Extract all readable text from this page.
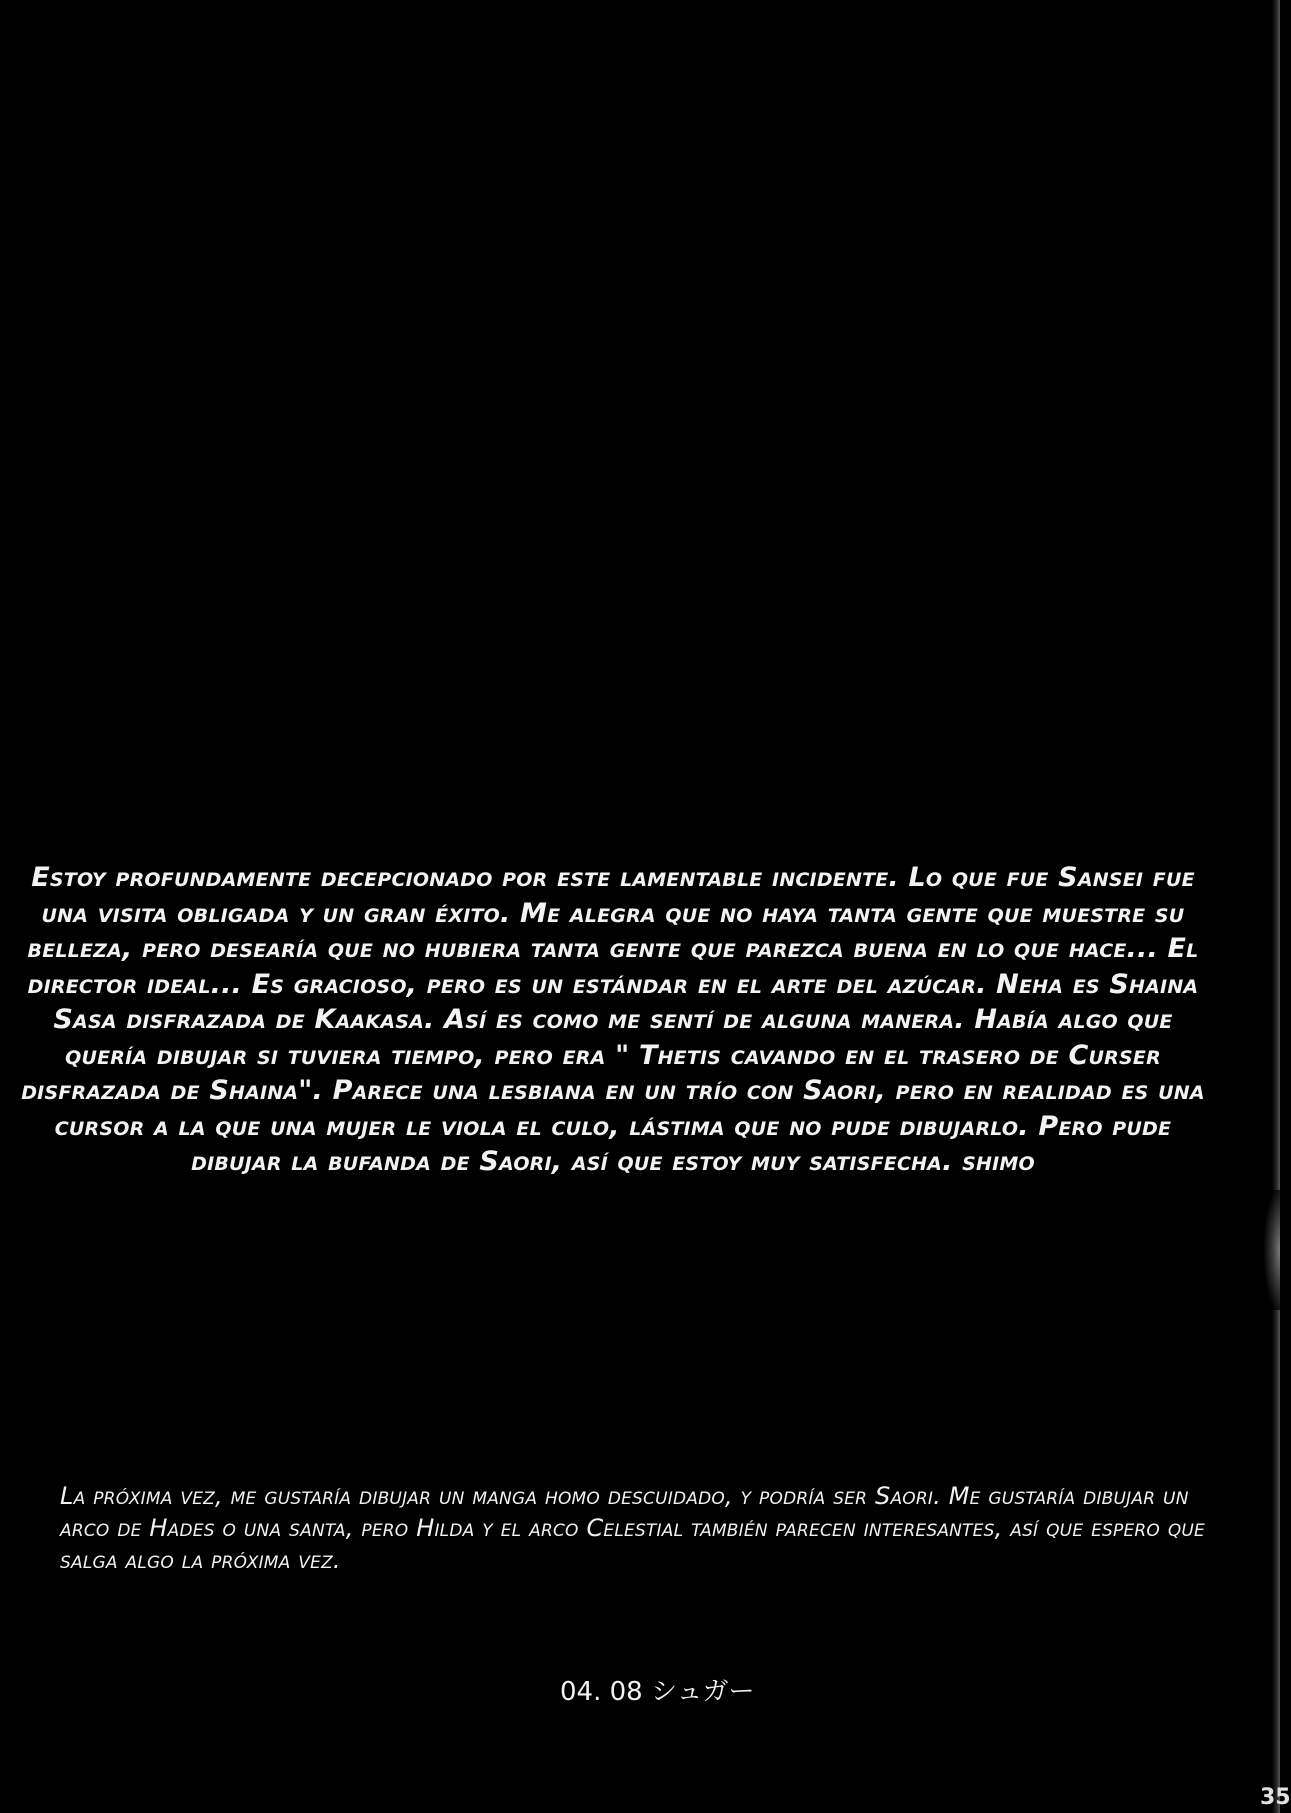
Estoy profundamente decepcionado por este lamentable incidente. Lo que fue Sansei fue una visita obligada y un gran éxito. Me alegra que no haya tanta gente que muestre su belleza, pero desearía que no hubiera tanta gente que parezca buena en lo que hace... El director ideal... Es gracioso, pero es un estándar en el arte del azúcar. Neha es Shaina Sasa disfrazada de Kaakasa. Así es como me sentí de alguna manera. Había algo que quería dibujar si tuviera tiempo, pero era " Thetis cavando en el trasero de Curser disfrazada de Shaina". Parece una lesbiana en un trío con Saori, pero en realidad es una cursor a la que una mujer le viola el culo, lástima que no pude dibujarlo. Pero pude dibujar la bufanda de Saori, así que estoy muy satisfecha. shimo

La próxima vez, me gustaría dibujar un manga homo descuidado, y podría ser Saori. Me gustaría dibujar un arco de Hades o una santa, pero Hilda y el arco Celestial también parecen interesantes, así que espero que salga algo la próxima vez.

04. 08 シュガー
35
